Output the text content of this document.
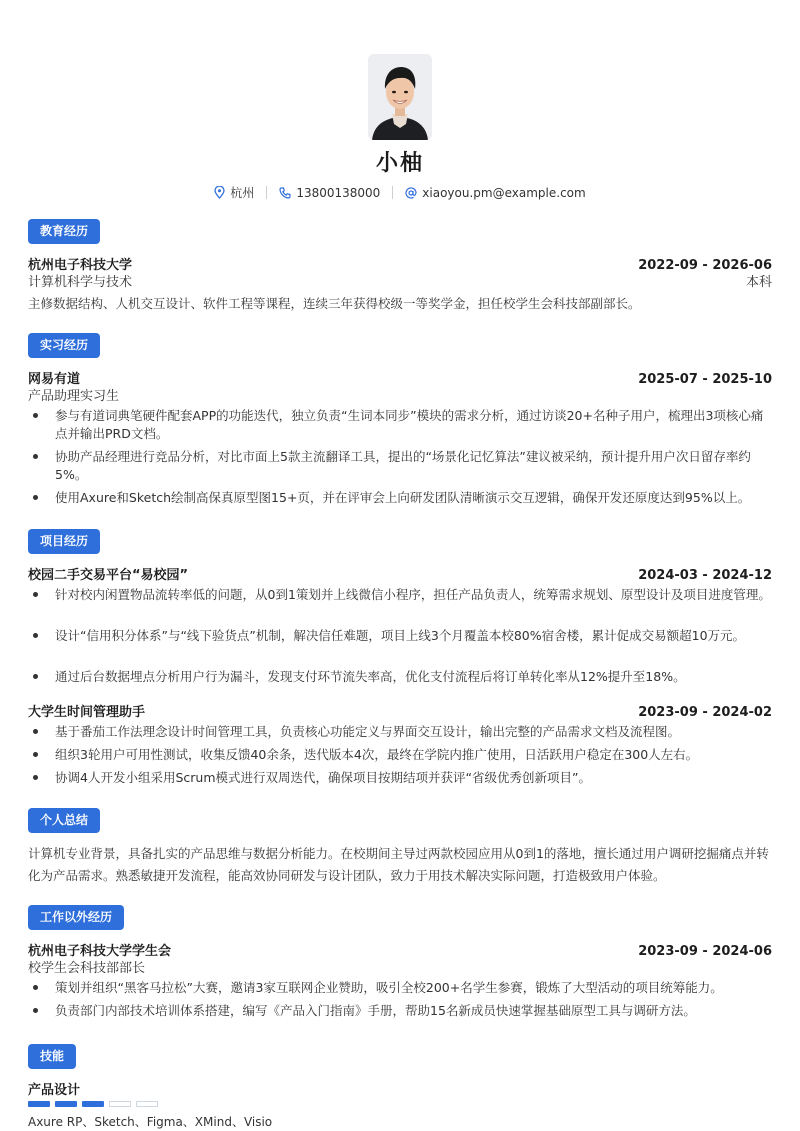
小柚
杭州	13800138000	xiaoyou.pm@example.com
教育经历
杭州电子科技大学	2022-09 - 2026-06
计算机科学与技术	本科
主修数据结构、人机交互设计、软件工程等课程，连续三年获得校级一等奖学金，担任校学生会科技部副部长。
实习经历
网易有道	2025-07 - 2025-10
产品助理实习生
参与有道词典笔硬件配套APP的功能迭代，独立负责“生词本同步”模块的需求分析，通过访谈20+名种子用户，梳理出3项核心痛点并输出PRD文档。
协助产品经理进行竞品分析，对比市面上5款主流翻译工具，提出的“场景化记忆算法”建议被采纳，预计提升用户次日留存率约5%。
使用Axure和Sketch绘制高保真原型图15+页，并在评审会上向研发团队清晰演示交互逻辑，确保开发还原度达到95%以上。
项目经历
校园二手交易平台“易校园”	2024-03 - 2024-12
针对校内闲置物品流转率低的问题，从0到1策划并上线微信小程序，担任产品负责人，统筹需求规划、原型设计及项目进度管理。
设计“信用积分体系”与“线下验货点”机制，解决信任难题，项目上线3个月覆盖本校80%宿舍楼，累计促成交易额超10万元。
通过后台数据埋点分析用户行为漏斗，发现支付环节流失率高，优化支付流程后将订单转化率从12%提升至18%。
大学生时间管理助手	2023-09 - 2024-02
基于番茄工作法理念设计时间管理工具，负责核心功能定义与界面交互设计，输出完整的产品需求文档及流程图。
组织3轮用户可用性测试，收集反馈40余条，迭代版本4次，最终在学院内推广使用，日活跃用户稳定在300人左右。
协调4人开发小组采用Scrum模式进行双周迭代，确保项目按期结项并获评“省级优秀创新项目”。
个人总结
计算机专业背景，具备扎实的产品思维与数据分析能力。在校期间主导过两款校园应用从0到1的落地，擅长通过用户调研挖掘痛点并转化为产品需求。熟悉敏捷开发流程，能高效协同研发与设计团队，致力于用技术解决实际问题，打造极致用户体验。
工作以外经历
杭州电子科技大学学生会	2023-09 - 2024-06
校学生会科技部部长
策划并组织“黑客马拉松”大赛，邀请3家互联网企业赞助，吸引全校200+名学生参赛，锻炼了大型活动的项目统筹能力。
负责部门内部技术培训体系搭建，编写《产品入门指南》手册，帮助15名新成员快速掌握基础原型工具与调研方法。
技能
产品设计
Axure RP、Sketch、Figma、XMind、Visio
